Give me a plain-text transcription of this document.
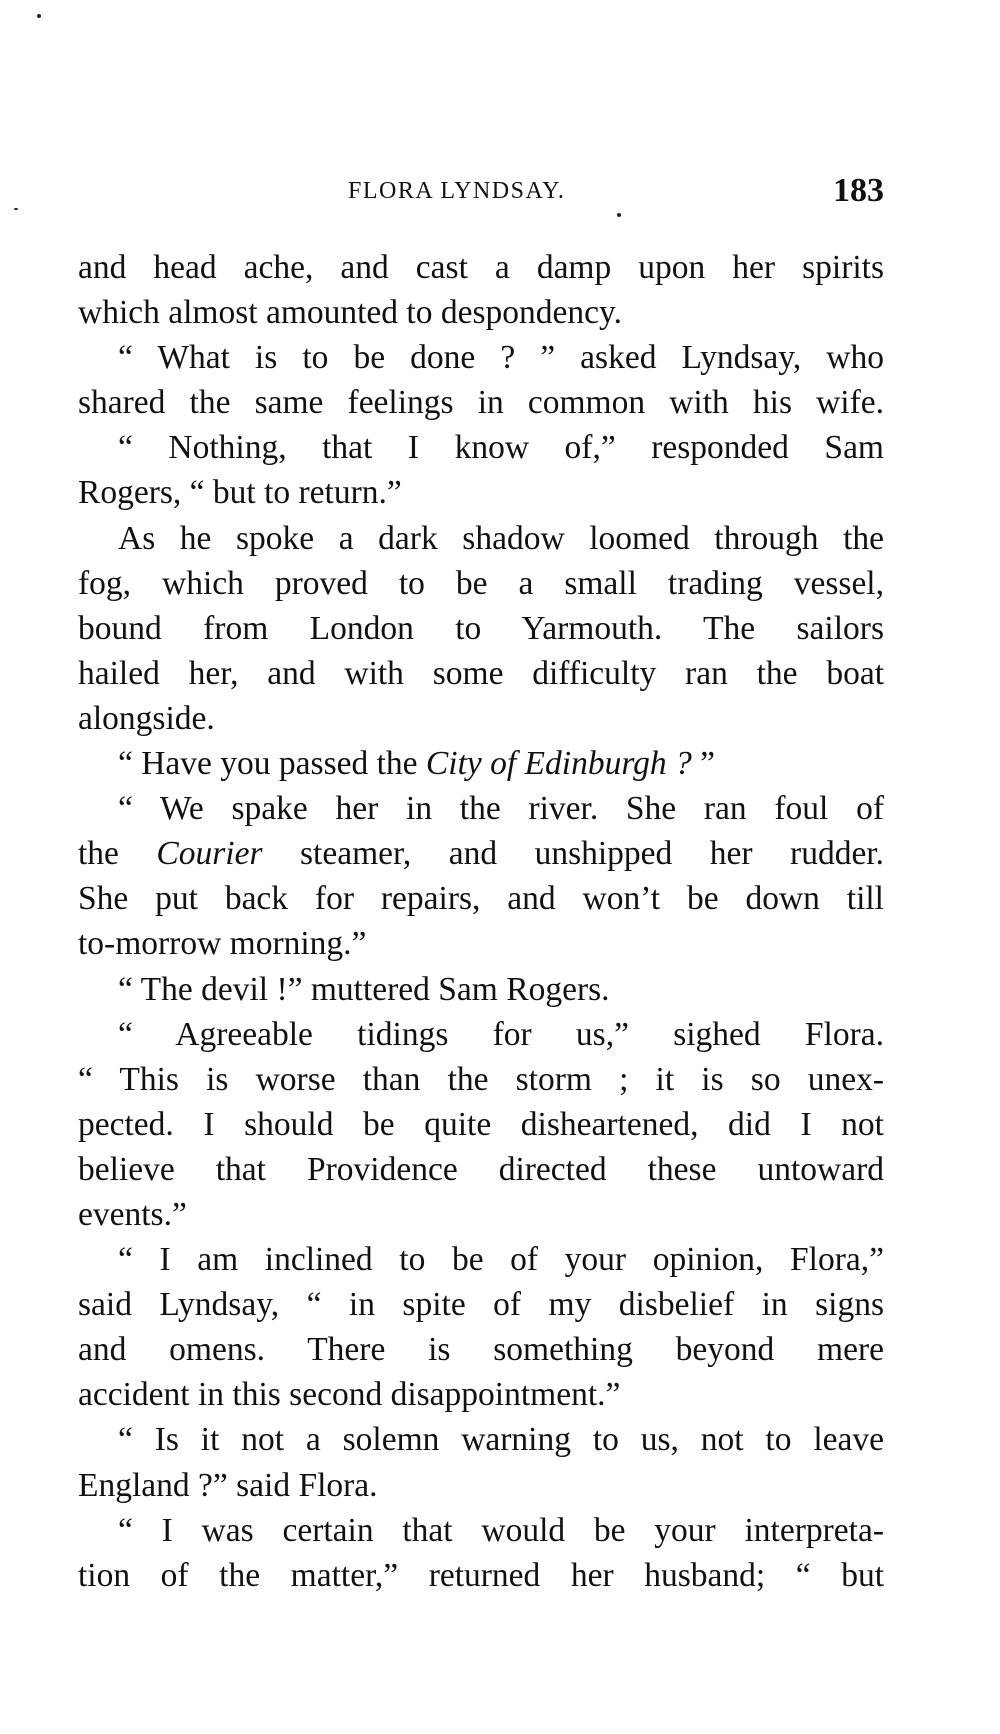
FLORA LYNDSAY.	183
and head ache, and cast a damp upon her spirits
which almost amounted to despondency.
“ What is to be done ? ” asked Lyndsay, who
shared the same feelings in common with his wife.
“ Nothing, that I know of,” responded Sam
Rogers, “ but to return.”
As he spoke a dark shadow loomed through the
fog, which proved to be a small trading vessel,
bound from London to Yarmouth. The sailors
hailed her, and with some difficulty ran the boat
alongside.
“ Have you passed the City of Edinburgh ? ”
“ We spake her in the river. She ran foul of
the Courier steamer, and unshipped her rudder.
She put back for repairs, and won’t be down till
to-morrow morning.”
“ The devil !” muttered Sam Rogers.
“ Agreeable tidings for us,” sighed Flora.
“ This is worse than the storm ; it is so unex-
pected. I should be quite disheartened, did I not
believe that Providence directed these untoward
events.”
“ I am inclined to be of your opinion, Flora,”
said Lyndsay, “ in spite of my disbelief in signs
and omens. There is something beyond mere
accident in this second disappointment.”
“ Is it not a solemn warning to us, not to leave
England ?” said Flora.
“ I was certain that would be your interpreta-
tion of the matter,” returned her husband; “ but
